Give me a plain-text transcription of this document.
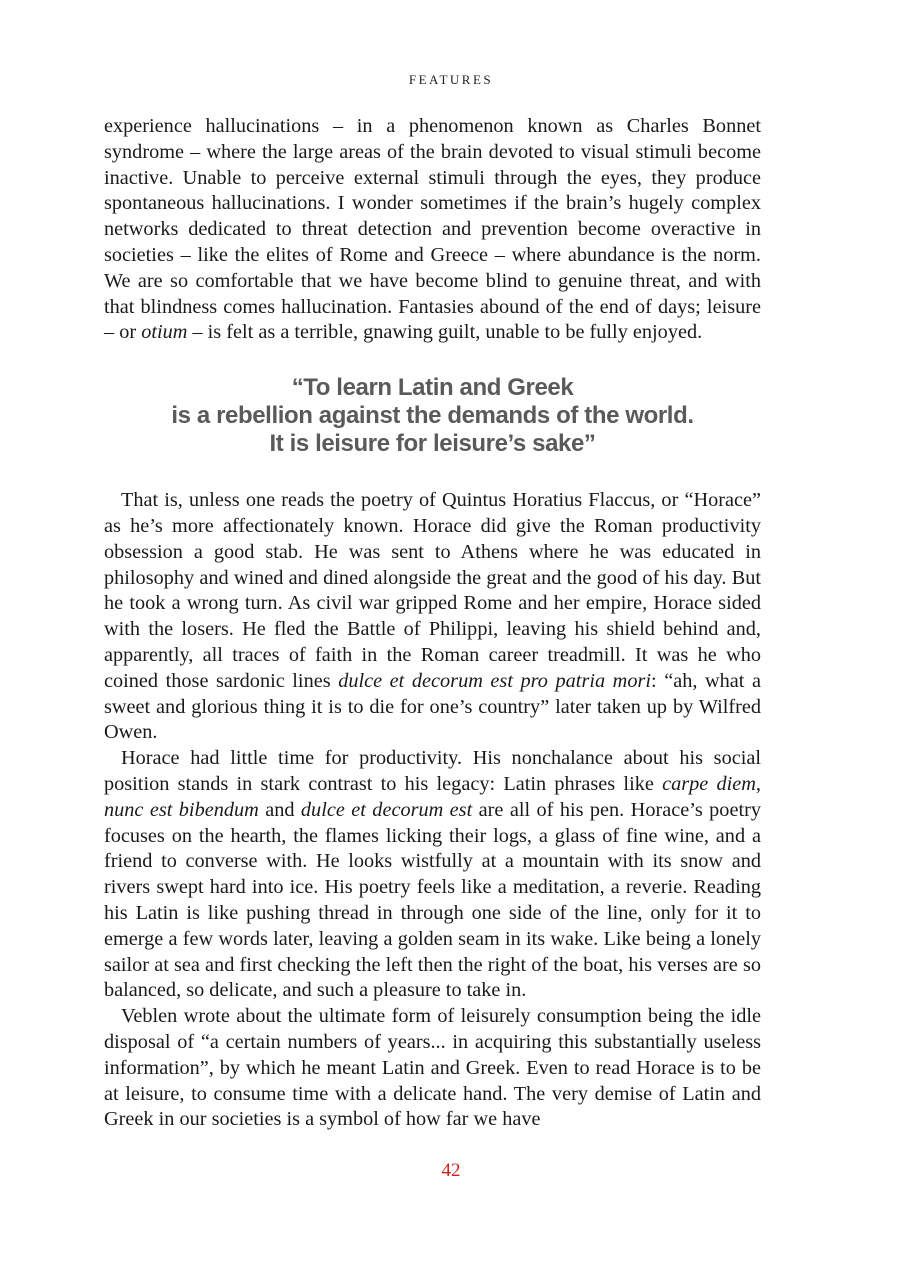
FEATURES

experience hallucinations – in a phenomenon known as Charles Bonnet syndrome – where the large areas of the brain devoted to visual stimuli become inactive. Unable to perceive external stimuli through the eyes, they produce spontaneous hallucinations. I wonder sometimes if the brain’s hugely complex networks dedicated to threat detection and prevention become overactive in societies – like the elites of Rome and Greece – where abundance is the norm. We are so comfortable that we have become blind to genuine threat, and with that blindness comes hallucination. Fantasies abound of the end of days; leisure – or otium – is felt as a terrible, gnawing guilt, unable to be fully enjoyed.

“To learn Latin and Greek
is a rebellion against the demands of the world.
It is leisure for leisure’s sake”

That is, unless one reads the poetry of Quintus Horatius Flaccus, or “Horace” as he’s more affectionately known. Horace did give the Roman productivity obsession a good stab. He was sent to Athens where he was educated in philosophy and wined and dined alongside the great and the good of his day. But he took a wrong turn. As civil war gripped Rome and her empire, Horace sided with the losers. He fled the Battle of Philippi, leaving his shield behind and, apparently, all traces of faith in the Roman career treadmill. It was he who coined those sardonic lines dulce et decorum est pro patria mori: “ah, what a sweet and glorious thing it is to die for one’s country” later taken up by Wilfred Owen.

Horace had little time for productivity. His nonchalance about his social position stands in stark contrast to his legacy: Latin phrases like carpe diem, nunc est bibendum and dulce et decorum est are all of his pen. Horace’s poetry focuses on the hearth, the flames licking their logs, a glass of fine wine, and a friend to converse with. He looks wistfully at a mountain with its snow and rivers swept hard into ice. His poetry feels like a meditation, a reverie. Reading his Latin is like pushing thread in through one side of the line, only for it to emerge a few words later, leaving a golden seam in its wake. Like being a lonely sailor at sea and first checking the left then the right of the boat, his verses are so balanced, so delicate, and such a pleasure to take in.

Veblen wrote about the ultimate form of leisurely consumption being the idle disposal of “a certain numbers of years... in acquiring this substantially useless information”, by which he meant Latin and Greek. Even to read Horace is to be at leisure, to consume time with a delicate hand. The very demise of Latin and Greek in our societies is a symbol of how far we have

42
